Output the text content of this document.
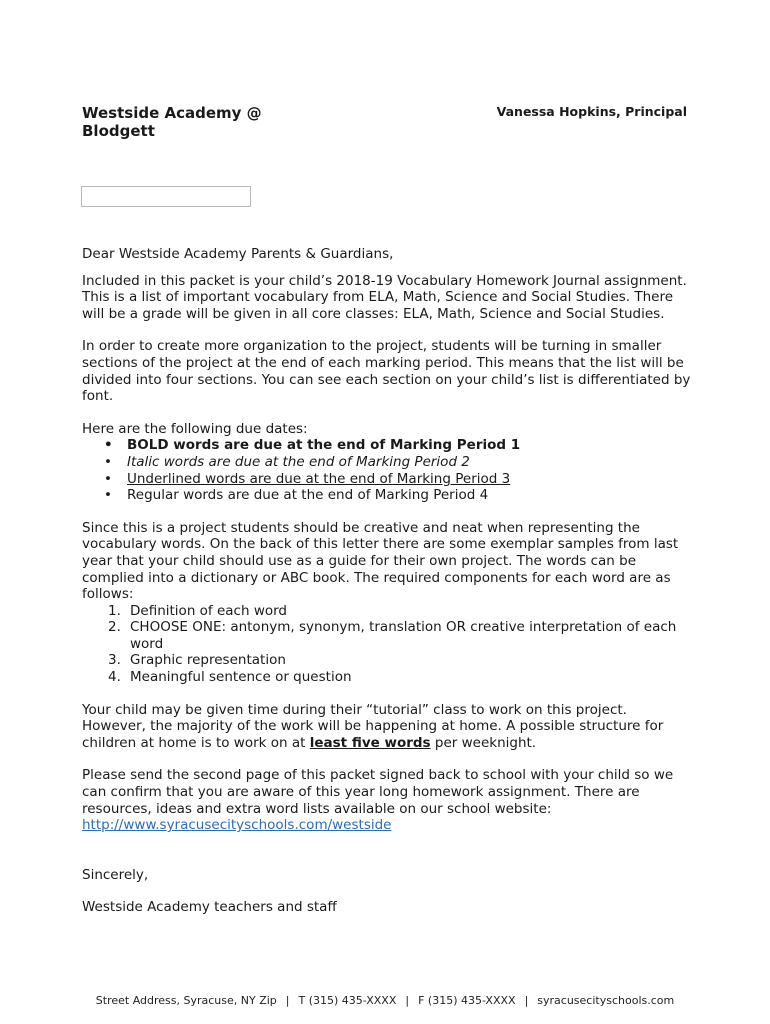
Westside Academy @ Blodgett
Vanessa Hopkins, Principal

Dear Westside Academy Parents & Guardians,

Included in this packet is your child’s 2018-19 Vocabulary Homework Journal assignment. This is a list of important vocabulary from ELA, Math, Science and Social Studies. There will be a grade will be given in all core classes: ELA, Math, Science and Social Studies.

In order to create more organization to the project, students will be turning in smaller sections of the project at the end of each marking period. This means that the list will be divided into four sections. You can see each section on your child’s list is differentiated by font.

Here are the following due dates:

• BOLD words are due at the end of Marking Period 1
• Italic words are due at the end of Marking Period 2
• Underlined words are due at the end of Marking Period 3
• Regular words are due at the end of Marking Period 4

Since this is a project students should be creative and neat when representing the vocabulary words. On the back of this letter there are some exemplar samples from last year that your child should use as a guide for their own project. The words can be complied into a dictionary or ABC book. The required components for each word are as follows:

1. Definition of each word
2. CHOOSE ONE: antonym, synonym, translation OR creative interpretation of each word
3. Graphic representation
4. Meaningful sentence or question

Your child may be given time during their “tutorial” class to work on this project. However, the majority of the work will be happening at home. A possible structure for children at home is to work on at least five words per weeknight.

Please send the second page of this packet signed back to school with your child so we can confirm that you are aware of this year long homework assignment. There are resources, ideas and extra word lists available on our school website:

http://www.syracusecityschools.com/westside

Sincerely,

Westside Academy teachers and staff

Street Address, Syracuse, NY Zip | T (315) 435-XXXX | F (315) 435-XXXX | syracusecityschools.com
